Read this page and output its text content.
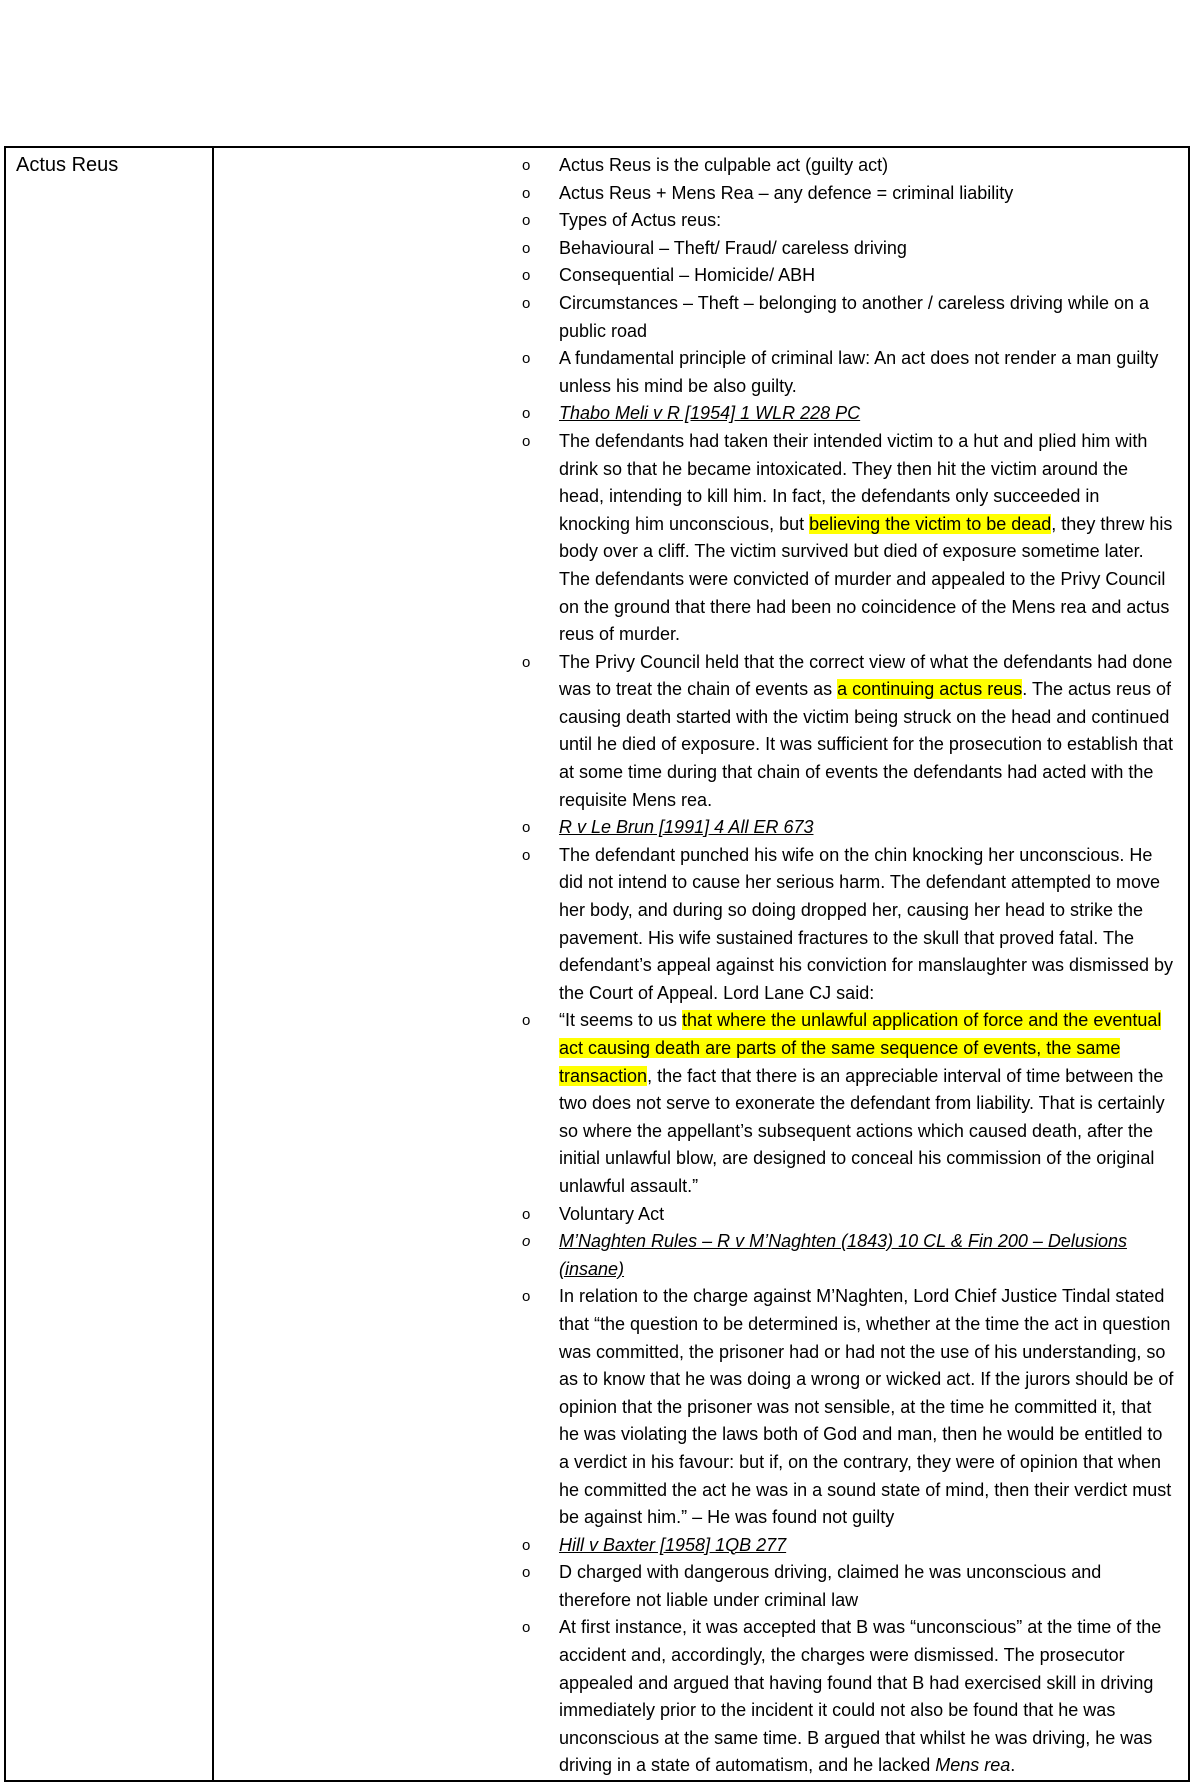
Actus Reus	o Actus Reus is the culpable act (guilty act)
o Actus Reus + Mens Rea – any defence = criminal liability
o Types of Actus reus:
o Behavioural – Theft/ Fraud/ careless driving
o Consequential – Homicide/ ABH
o Circumstances – Theft – belonging to another / careless driving while on a public road
o A fundamental principle of criminal law: An act does not render a man guilty unless his mind be also guilty.
o Thabo Meli v R [1954] 1 WLR 228 PC
o The defendants had taken their intended victim to a hut and plied him with drink so that he became intoxicated. They then hit the victim around the head, intending to kill him. In fact, the defendants only succeeded in knocking him unconscious, but believing the victim to be dead, they threw his body over a cliff. The victim survived but died of exposure sometime later. The defendants were convicted of murder and appealed to the Privy Council on the ground that there had been no coincidence of the Mens rea and actus reus of murder.
o The Privy Council held that the correct view of what the defendants had done was to treat the chain of events as a continuing actus reus. The actus reus of causing death started with the victim being struck on the head and continued until he died of exposure. It was sufficient for the prosecution to establish that at some time during that chain of events the defendants had acted with the requisite Mens rea.
o R v Le Brun [1991] 4 All ER 673
o The defendant punched his wife on the chin knocking her unconscious. He did not intend to cause her serious harm. The defendant attempted to move her body, and during so doing dropped her, causing her head to strike the pavement. His wife sustained fractures to the skull that proved fatal. The defendant’s appeal against his conviction for manslaughter was dismissed by the Court of Appeal. Lord Lane CJ said:
o “It seems to us that where the unlawful application of force and the eventual act causing death are parts of the same sequence of events, the same transaction, the fact that there is an appreciable interval of time between the two does not serve to exonerate the defendant from liability. That is certainly so where the appellant’s subsequent actions which caused death, after the initial unlawful blow, are designed to conceal his commission of the original unlawful assault.”
o Voluntary Act
o M’Naghten Rules – R v M’Naghten (1843) 10 CL & Fin 200 – Delusions (insane)
o In relation to the charge against M’Naghten, Lord Chief Justice Tindal stated that “the question to be determined is, whether at the time the act in question was committed, the prisoner had or had not the use of his understanding, so as to know that he was doing a wrong or wicked act. If the jurors should be of opinion that the prisoner was not sensible, at the time he committed it, that he was violating the laws both of God and man, then he would be entitled to a verdict in his favour: but if, on the contrary, they were of opinion that when he committed the act he was in a sound state of mind, then their verdict must be against him.” – He was found not guilty
o Hill v Baxter [1958] 1QB 277
o D charged with dangerous driving, claimed he was unconscious and therefore not liable under criminal law
o At first instance, it was accepted that B was “unconscious” at the time of the accident and, accordingly, the charges were dismissed. The prosecutor appealed and argued that having found that B had exercised skill in driving immediately prior to the incident it could not also be found that he was unconscious at the same time. B argued that whilst he was driving, he was driving in a state of automatism, and he lacked Mens rea.
